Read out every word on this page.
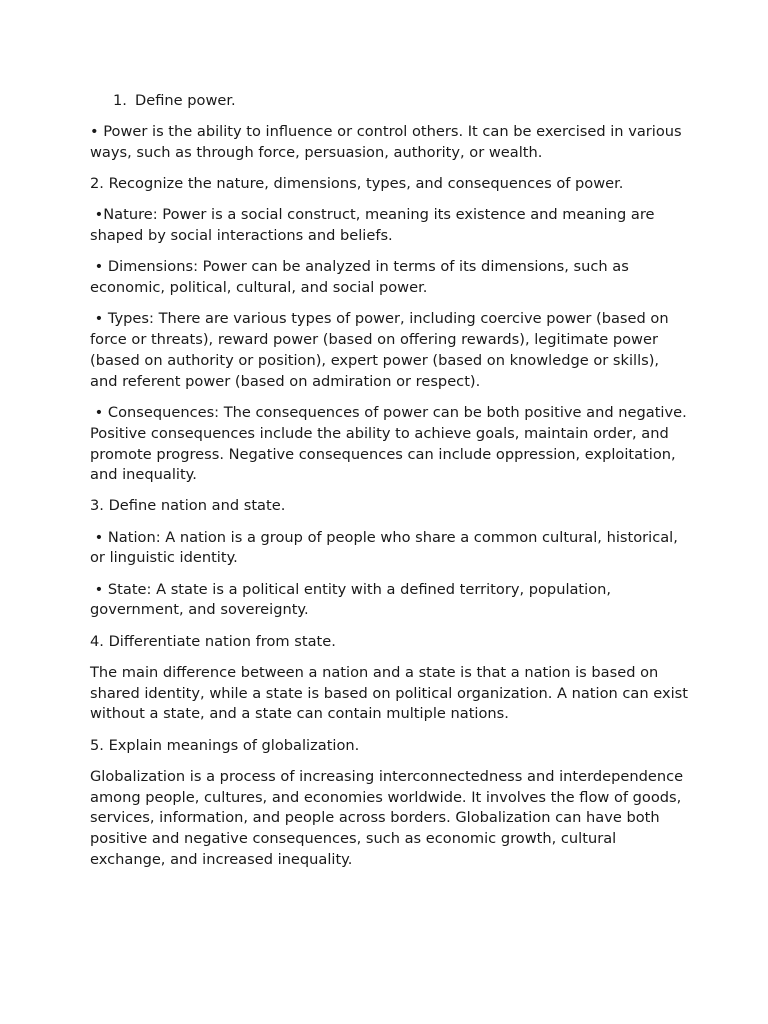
1. Define power.

• Power is the ability to influence or control others. It can be exercised in various ways, such as through force, persuasion, authority, or wealth.

2. Recognize the nature, dimensions, types, and consequences of power.

•Nature: Power is a social construct, meaning its existence and meaning are shaped by social interactions and beliefs.

• Dimensions: Power can be analyzed in terms of its dimensions, such as economic, political, cultural, and social power.

• Types: There are various types of power, including coercive power (based on force or threats), reward power (based on offering rewards), legitimate power (based on authority or position), expert power (based on knowledge or skills), and referent power (based on admiration or respect).

• Consequences: The consequences of power can be both positive and negative. Positive consequences include the ability to achieve goals, maintain order, and promote progress. Negative consequences can include oppression, exploitation, and inequality.

3. Define nation and state.

• Nation: A nation is a group of people who share a common cultural, historical, or linguistic identity.

• State: A state is a political entity with a defined territory, population, government, and sovereignty.

4. Differentiate nation from state.

The main difference between a nation and a state is that a nation is based on shared identity, while a state is based on political organization. A nation can exist without a state, and a state can contain multiple nations.

5. Explain meanings of globalization.

Globalization is a process of increasing interconnectedness and interdependence among people, cultures, and economies worldwide. It involves the flow of goods, services, information, and people across borders. Globalization can have both positive and negative consequences, such as economic growth, cultural exchange, and increased inequality.
